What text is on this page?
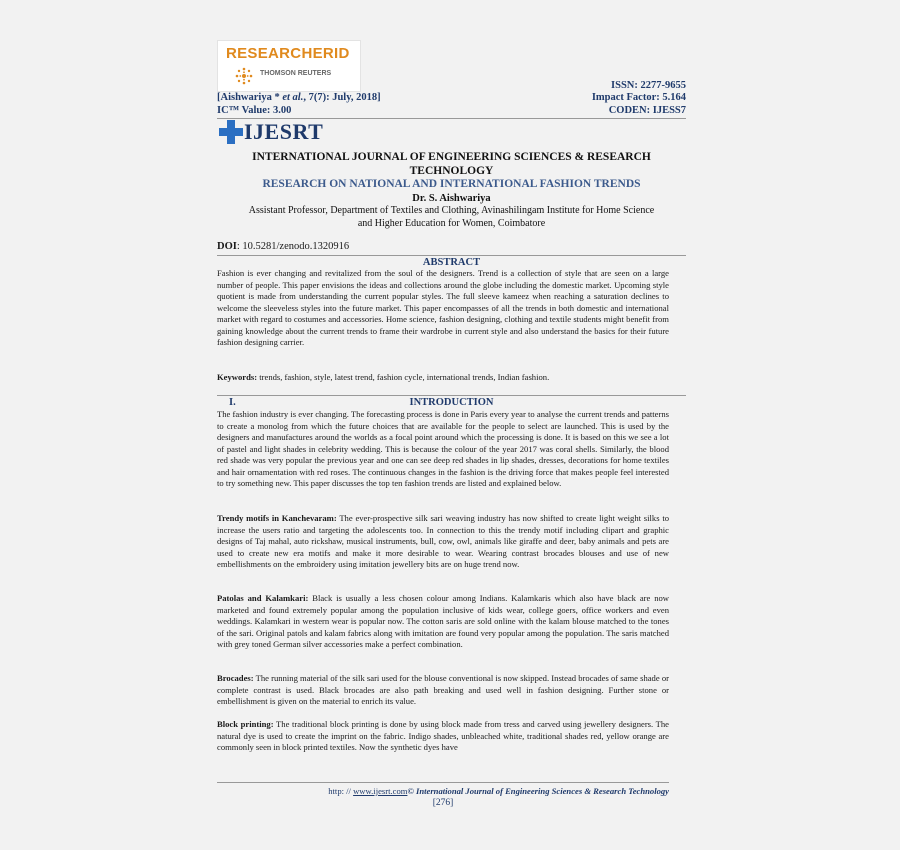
RESEARCHERID
THOMSON REUTERS
ISSN: 2277-9655
[Aishwariya * et al., 7(7): July, 2018]	Impact Factor: 5.164
IC™ Value: 3.00	CODEN: IJESS7
IJESRT
INTERNATIONAL JOURNAL OF ENGINEERING SCIENCES & RESEARCH
TECHNOLOGY
RESEARCH ON NATIONAL AND INTERNATIONAL FASHION TRENDS
Dr. S. Aishwariya
Assistant Professor, Department of Textiles and Clothing, Avinashilingam Institute for Home Science
and Higher Education for Women, Coimbatore
DOI: 10.5281/zenodo.1320916
ABSTRACT
Fashion is ever changing and revitalized from the soul of the designers. Trend is a collection of style that are seen on a large number of people. This paper envisions the ideas and collections around the globe including the domestic market. Upcoming style quotient is made from understanding the current popular styles. The full sleeve kameez when reaching a saturation declines to welcome the sleeveless styles into the future market. This paper encompasses of all the trends in both domestic and international market with regard to costumes and accessories. Home science, fashion designing, clothing and textile students might benefit from gaining knowledge about the current trends to frame their wardrobe in current style and also understand the basics for their future fashion designing carrier.
Keywords: trends, fashion, style, latest trend, fashion cycle, international trends, Indian fashion.
I.	INTRODUCTION
The fashion industry is ever changing. The forecasting process is done in Paris every year to analyse the current trends and patterns to create a monolog from which the future choices that are available for the people to select are launched. This is used by the designers and manufactures around the worlds as a focal point around which the processing is done. It is based on this we see a lot of pastel and light shades in celebrity wedding. This is because the colour of the year 2017 was coral shells. Similarly, the blood red shade was very popular the previous year and one can see deep red shades in lip shades, dresses, decorations for home textiles and hair ornamentation with red roses. The continuous changes in the fashion is the driving force that makes people feel interested to try something new. This paper discusses the top ten fashion trends are listed and explained below.
Trendy motifs in Kanchevaram: The ever-prospective silk sari weaving industry has now shifted to create light weight silks to increase the users ratio and targeting the adolescents too. In connection to this the trendy motif including clipart and graphic designs of Taj mahal, auto rickshaw, musical instruments, bull, cow, owl, animals like giraffe and deer, baby animals and pets are used to create new era motifs and make it more desirable to wear. Wearing contrast brocades blouses and use of new embellishments on the embroidery using imitation jewellery bits are on huge trend now.
Patolas and Kalamkari: Black is usually a less chosen colour among Indians. Kalamkaris which also have black are now marketed and found extremely popular among the population inclusive of kids wear, college goers, office workers and even weddings. Kalamkari in western wear is popular now. The cotton saris are sold online with the kalam blouse matched to the tones of the sari. Original patols and kalam fabrics along with imitation are found very popular among the population. The saris matched with grey toned German silver accessories make a perfect combination.
Brocades: The running material of the silk sari used for the blouse conventional is now skipped. Instead brocades of same shade or complete contrast is used. Black brocades are also path breaking and used well in fashion designing. Further stone or embellishment is given on the material to enrich its value.
Block printing: The traditional block printing is done by using block made from tress and carved using jewellery designers. The natural dye is used to create the imprint on the fabric. Indigo shades, unbleached white, traditional shades red, yellow orange are commonly seen in block printed textiles. Now the synthetic dyes have
http: // www.ijesrt.com© International Journal of Engineering Sciences & Research Technology
[276]
